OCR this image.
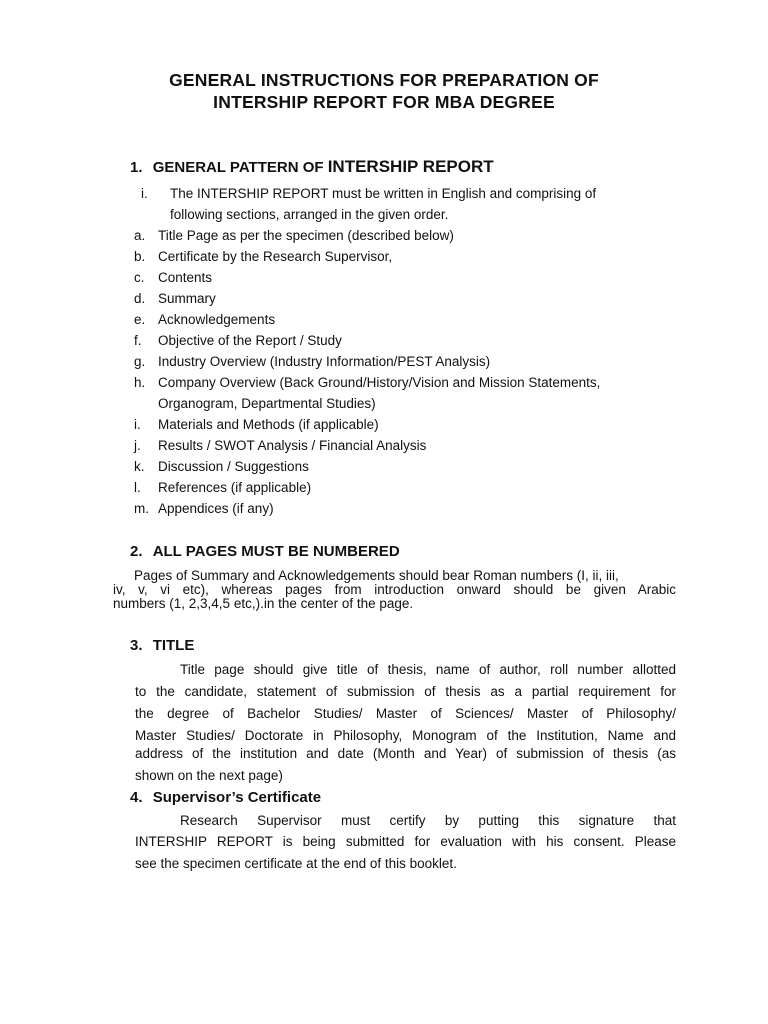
GENERAL INSTRUCTIONS FOR PREPARATION OF
INTERSHIP REPORT FOR MBA DEGREE
1. GENERAL PATTERN OF INTERSHIP REPORT
i. The INTERSHIP REPORT must be written in English and comprising of
following sections, arranged in the given order.
a. Title Page as per the specimen (described below)
b. Certificate by the Research Supervisor,
c. Contents
d. Summary
e. Acknowledgements
f. Objective of the Report / Study
g. Industry Overview (Industry Information/PEST Analysis)
h. Company Overview (Back Ground/History/Vision and Mission Statements,
Organogram, Departmental Studies)
i. Materials and Methods (if applicable)
j. Results / SWOT Analysis / Financial Analysis
k. Discussion / Suggestions
l. References (if applicable)
m. Appendices (if any)
2. ALL PAGES MUST BE NUMBERED
Pages of Summary and Acknowledgements should bear Roman numbers (I, ii, iii,
iv, v, vi etc), whereas pages from introduction onward should be given Arabic
numbers (1, 2,3,4,5 etc,).in the center of the page.
3. TITLE
Title page should give title of thesis, name of author, roll number allotted
to the candidate, statement of submission of thesis as a partial requirement for
the degree of Bachelor Studies/ Master of Sciences/ Master of Philosophy/
Master Studies/ Doctorate in Philosophy, Monogram of the Institution, Name and
address of the institution and date (Month and Year) of submission of thesis (as
shown on the next page)
4. Supervisor’s Certificate
Research Supervisor must certify by putting this signature that
INTERSHIP REPORT is being submitted for evaluation with his consent. Please
see the specimen certificate at the end of this booklet.
